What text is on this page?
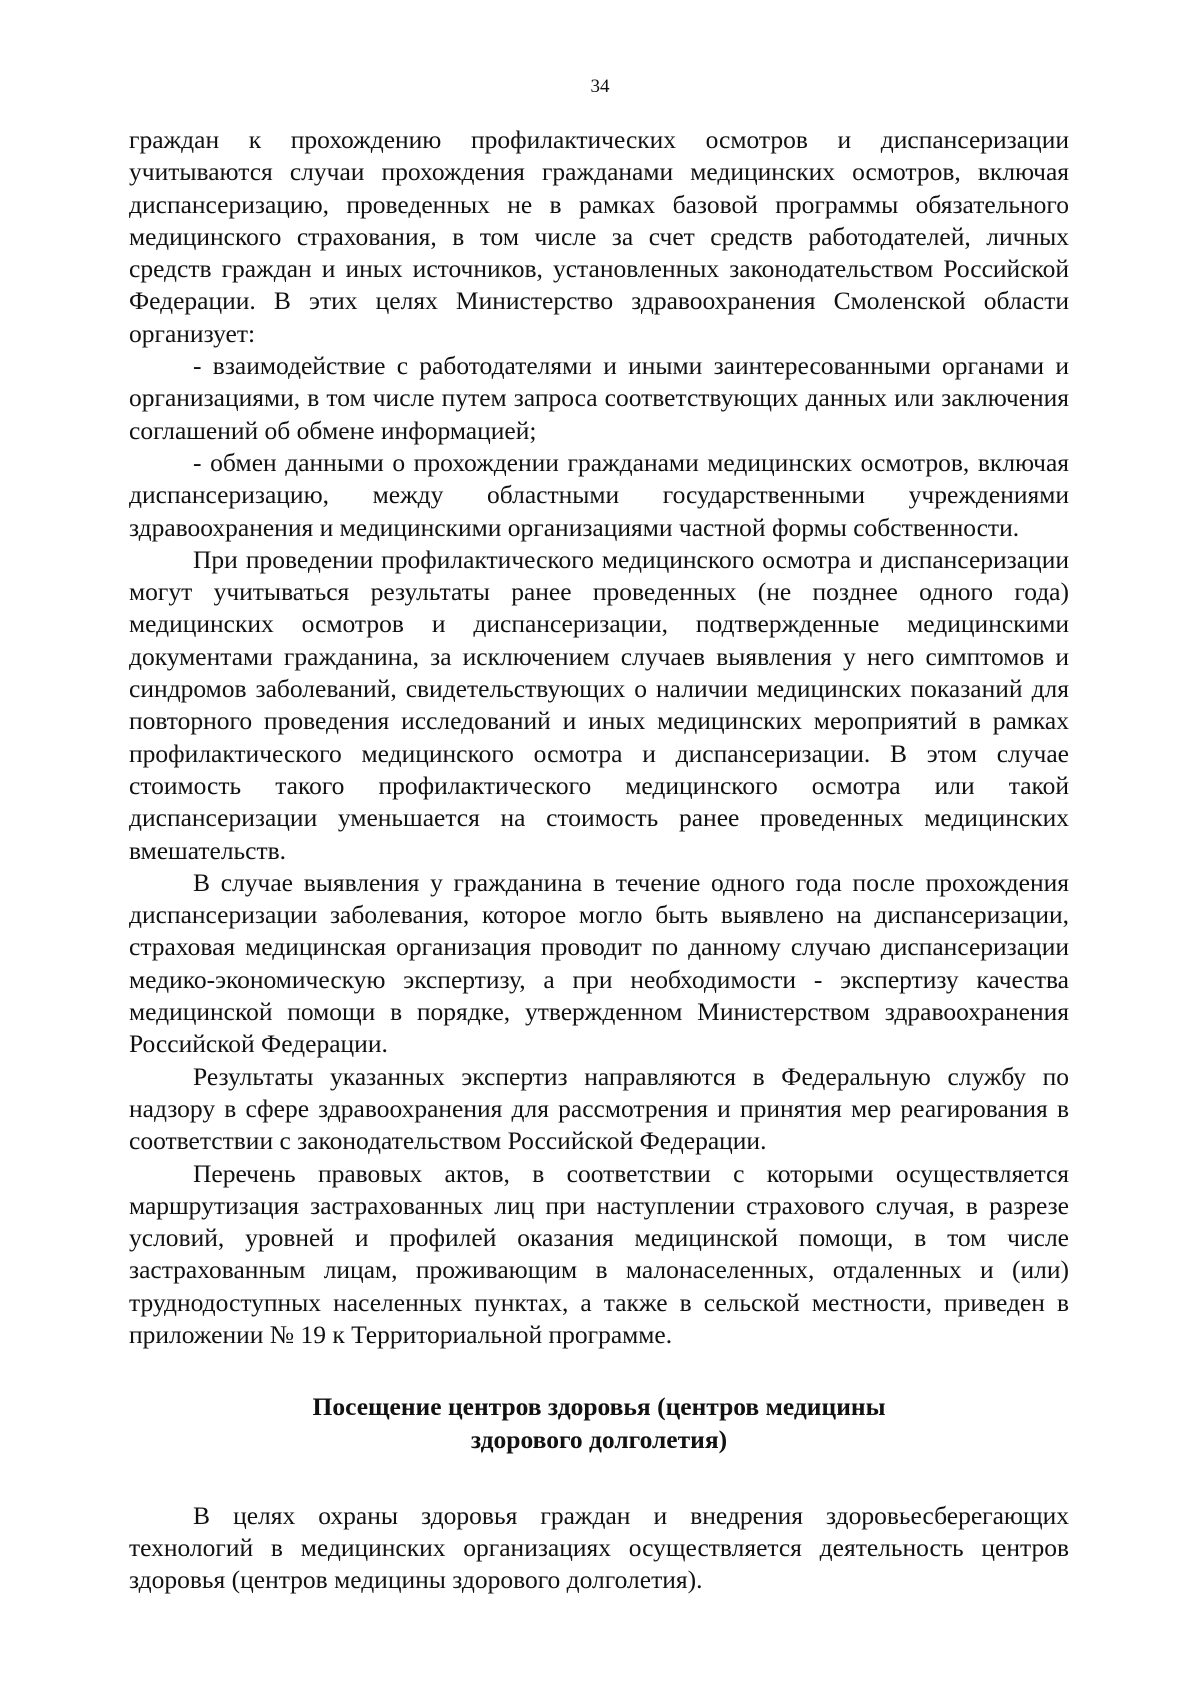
34

граждан к прохождению профилактических осмотров и диспансеризации учитываются случаи прохождения гражданами медицинских осмотров, включая диспансеризацию, проведенных не в рамках базовой программы обязательного медицинского страхования, в том числе за счет средств работодателей, личных средств граждан и иных источников, установленных законодательством Российской Федерации. В этих целях Министерство здравоохранения Смоленской области организует:

- взаимодействие с работодателями и иными заинтересованными органами и организациями, в том числе путем запроса соответствующих данных или заключения соглашений об обмене информацией;

- обмен данными о прохождении гражданами медицинских осмотров, включая диспансеризацию, между областными государственными учреждениями здравоохранения и медицинскими организациями частной формы собственности.

При проведении профилактического медицинского осмотра и диспансеризации могут учитываться результаты ранее проведенных (не позднее одного года) медицинских осмотров и диспансеризации, подтвержденные медицинскими документами гражданина, за исключением случаев выявления у него симптомов и синдромов заболеваний, свидетельствующих о наличии медицинских показаний для повторного проведения исследований и иных медицинских мероприятий в рамках профилактического медицинского осмотра и диспансеризации. В этом случае стоимость такого профилактического медицинского осмотра или такой диспансеризации уменьшается на стоимость ранее проведенных медицинских вмешательств.

В случае выявления у гражданина в течение одного года после прохождения диспансеризации заболевания, которое могло быть выявлено на диспансеризации, страховая медицинская организация проводит по данному случаю диспансеризации медико-экономическую экспертизу, а при необходимости - экспертизу качества медицинской помощи в порядке, утвержденном Министерством здравоохранения Российской Федерации.

Результаты указанных экспертиз направляются в Федеральную службу по надзору в сфере здравоохранения для рассмотрения и принятия мер реагирования в соответствии с законодательством Российской Федерации.

Перечень правовых актов, в соответствии с которыми осуществляется маршрутизация застрахованных лиц при наступлении страхового случая, в разрезе условий, уровней и профилей оказания медицинской помощи, в том числе застрахованным лицам, проживающим в малонаселенных, отдаленных и (или) труднодоступных населенных пунктах, а также в сельской местности, приведен в приложении № 19 к Территориальной программе.

Посещение центров здоровья (центров медицины
здорового долголетия)

В целях охраны здоровья граждан и внедрения здоровьесберегающих технологий в медицинских организациях осуществляется деятельность центров здоровья (центров медицины здорового долголетия).
